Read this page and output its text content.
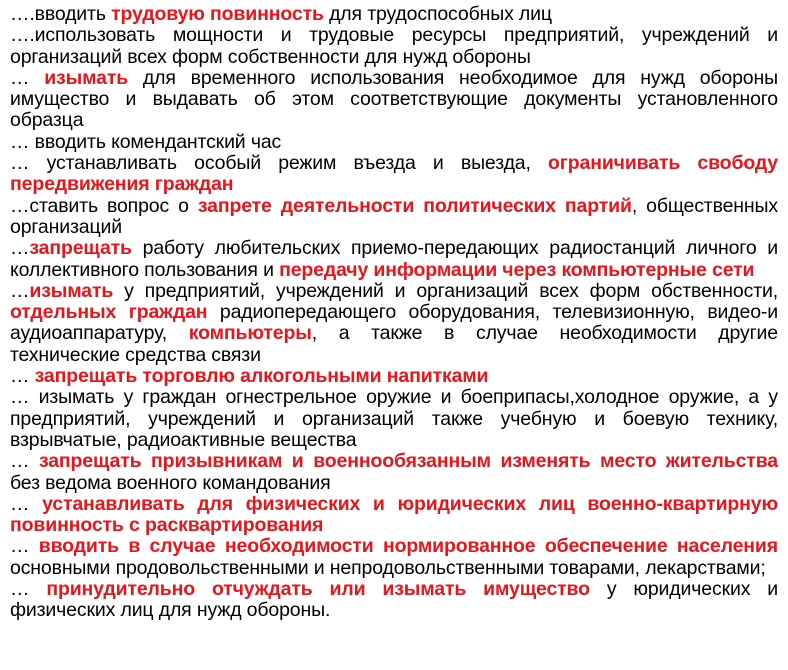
….вводить трудовую повинность для трудоспособных лиц

….использовать мощности и трудовые ресурсы предприятий, учреждений и организаций всех форм собственности для нужд обороны

… изымать для временного использования необходимое для нужд обороны имущество и выдавать об этом соответствующие документы установленного образца

… вводить комендантский час

… устанавливать особый режим въезда и выезда, ограничивать свободу передвижения граждан

…ставить вопрос о запрете деятельности политических партий, общественных организаций

…запрещать работу любительских приемо-передающих радиостанций личного и коллективного пользования и передачу информации через компьютерные сети

…изымать у предприятий, учреждений и организаций всех форм обственности, отдельных граждан радиопередающего оборудования, телевизионную, видео-и аудиоаппаратуру, компьютеры, а также в случае необходимости другие технические средства связи

… запрещать торговлю алкогольными напитками

… изымать у граждан огнестрельное оружие и боеприпасы,холодное оружие, а у предприятий, учреждений и организаций также учебную и боевую технику, взрывчатые, радиоактивные вещества

… запрещать призывникам и военнообязанным изменять место жительства без ведома военного командования

… устанавливать для физических и юридических лиц военно-квартирную повинность с расквартирования

… вводить в случае необходимости нормированное обеспечение населения основными продовольственными и непродовольственными товарами, лекарствами;

… принудительно отчуждать или изымать имущество у юридических и физических лиц для нужд обороны.
